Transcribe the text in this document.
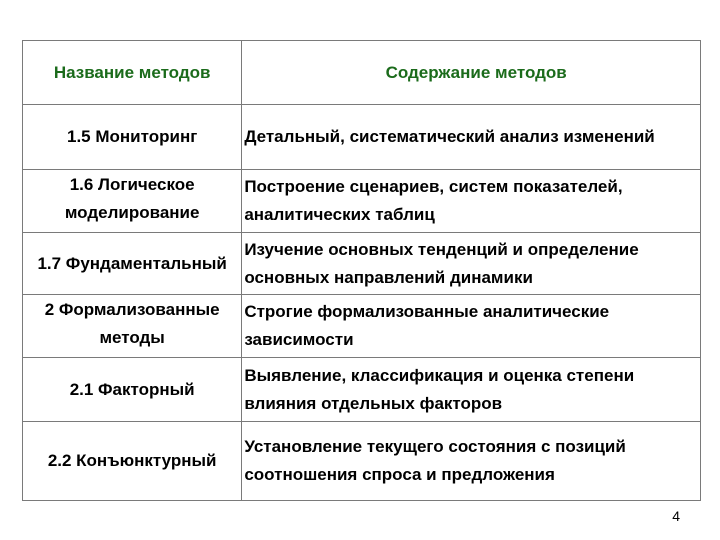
Название методов	Содержание методов
1.5 Мониторинг	Детальный, систематический анализ изменений
1.6 Логическое моделирование	Построение сценариев, систем показателей, аналитических таблиц
1.7 Фундаментальный	Изучение основных тенденций и определение основных направлений динамики
2 Формализованные методы	Строгие формализованные аналитические зависимости
2.1 Факторный	Выявление, классификация и оценка степени влияния отдельных факторов
2.2 Конъюнктурный	Установление текущего состояния с позиций соотношения спроса и предложения
4
